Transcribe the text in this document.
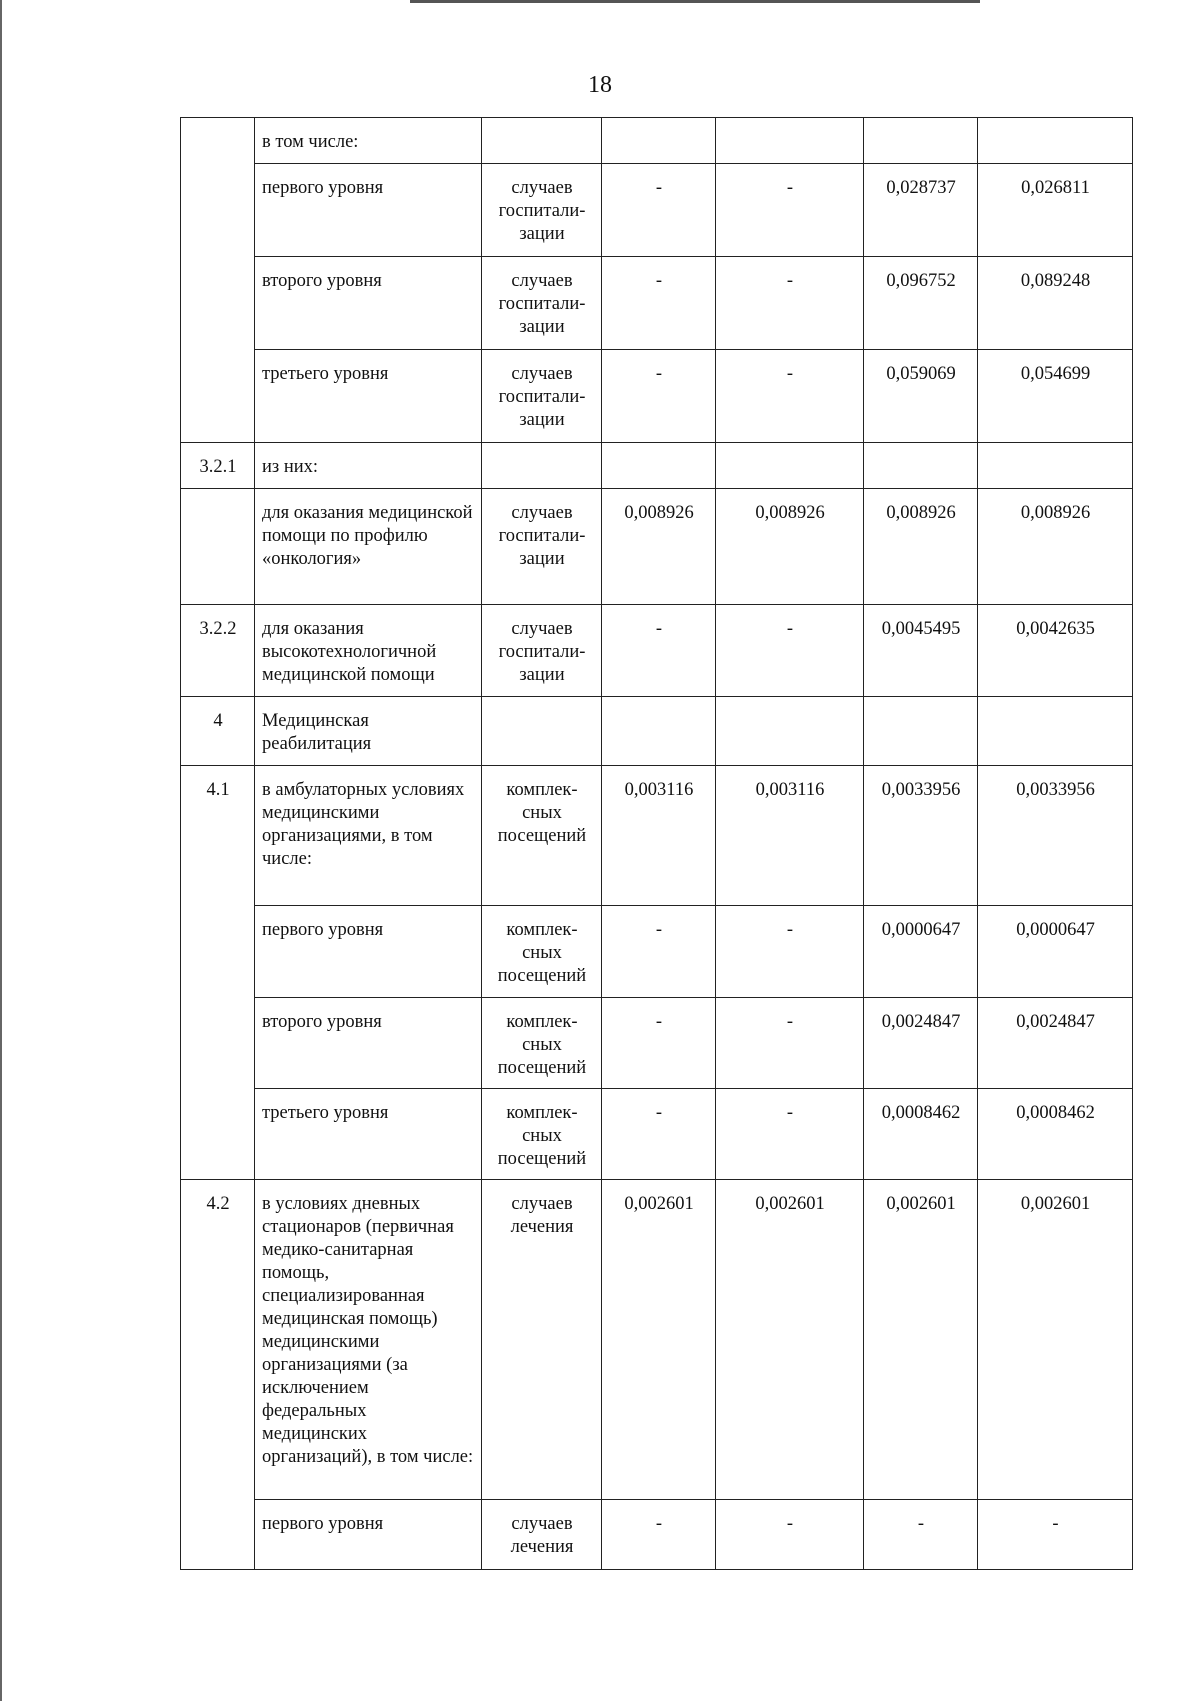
18
	в том числе:					
	первого уровня	случаев госпитали-зации	-	-	0,028737	0,026811
	второго уровня	случаев госпитали-зации	-	-	0,096752	0,089248
	третьего уровня	случаев госпитали-зации	-	-	0,059069	0,054699
3.2.1	из них:					
	для оказания медицинской помощи по профилю «онкология»	случаев госпитали-зации	0,008926	0,008926	0,008926	0,008926
3.2.2	для оказания высокотехнологичной медицинской помощи	случаев госпитали-зации	-	-	0,0045495	0,0042635
4	Медицинская реабилитация					
4.1	в амбулаторных условиях медицинскими организациями, в том числе:	комплек-сных посещений	0,003116	0,003116	0,0033956	0,0033956
	первого уровня	комплек-сных посещений	-	-	0,0000647	0,0000647
	второго уровня	комплек-сных посещений	-	-	0,0024847	0,0024847
	третьего уровня	комплек-сных посещений	-	-	0,0008462	0,0008462
4.2	в условиях дневных стационаров (первичная медико-санитарная помощь, специализированная медицинская помощь) медицинскими организациями (за исключением федеральных медицинских организаций), в том числе:	случаев лечения	0,002601	0,002601	0,002601	0,002601
	первого уровня	случаев лечения	-	-	-	-
